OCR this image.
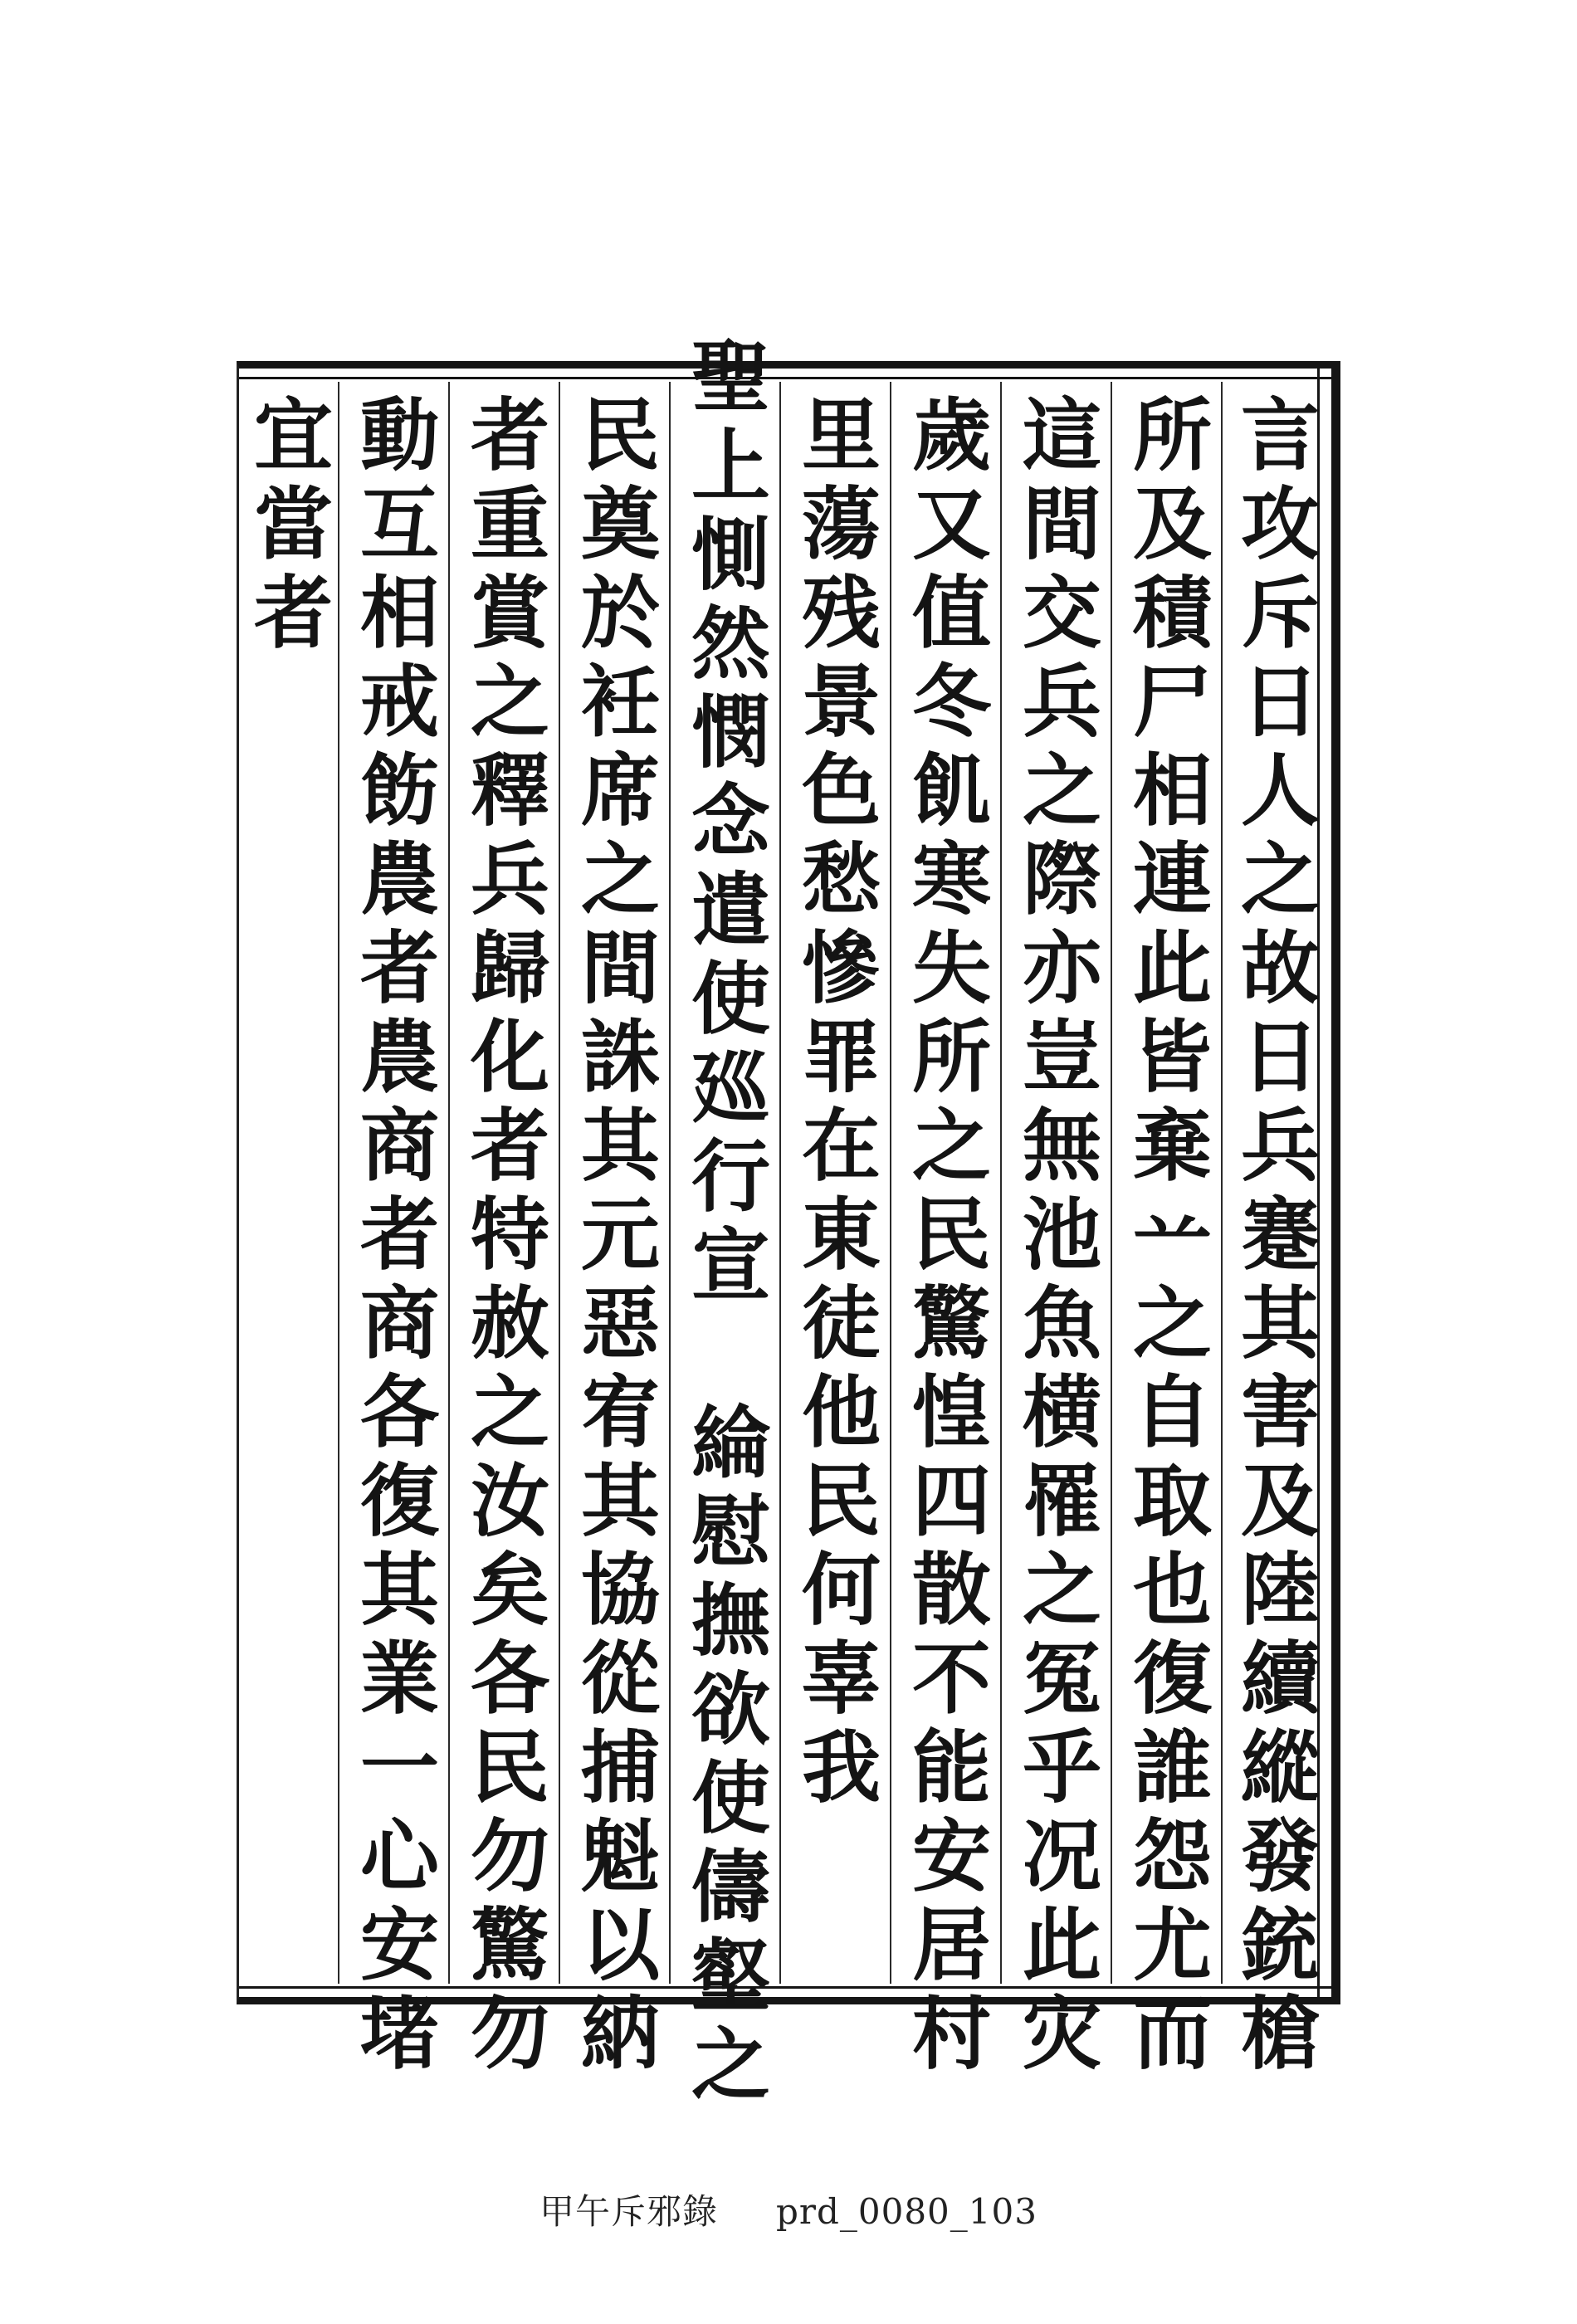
言攻斥日人之故日兵蹇其害及陸續縱發銃槍
所及積尸相連此皆棄䒑之自取也復誰怨尤而
這間交兵之際亦豈無池魚横罹之冤乎况此灾
歲又值冬飢寒失所之民驚惶四散不能安居村
里蕩残景色愁慘罪在東徒他民何辜我
聖上惻然憫念遣使廵行宣　綸慰撫欲使儔壑之
民奠於衽席之間誅其元惡宥其協從捕魁以納
者重賞之釋兵歸化者特赦之汝矣各民勿驚勿
動互相戒飭農者農商者商各復其業一心安堵
宜當者
甲午斥邪錄 prd_0080_103
